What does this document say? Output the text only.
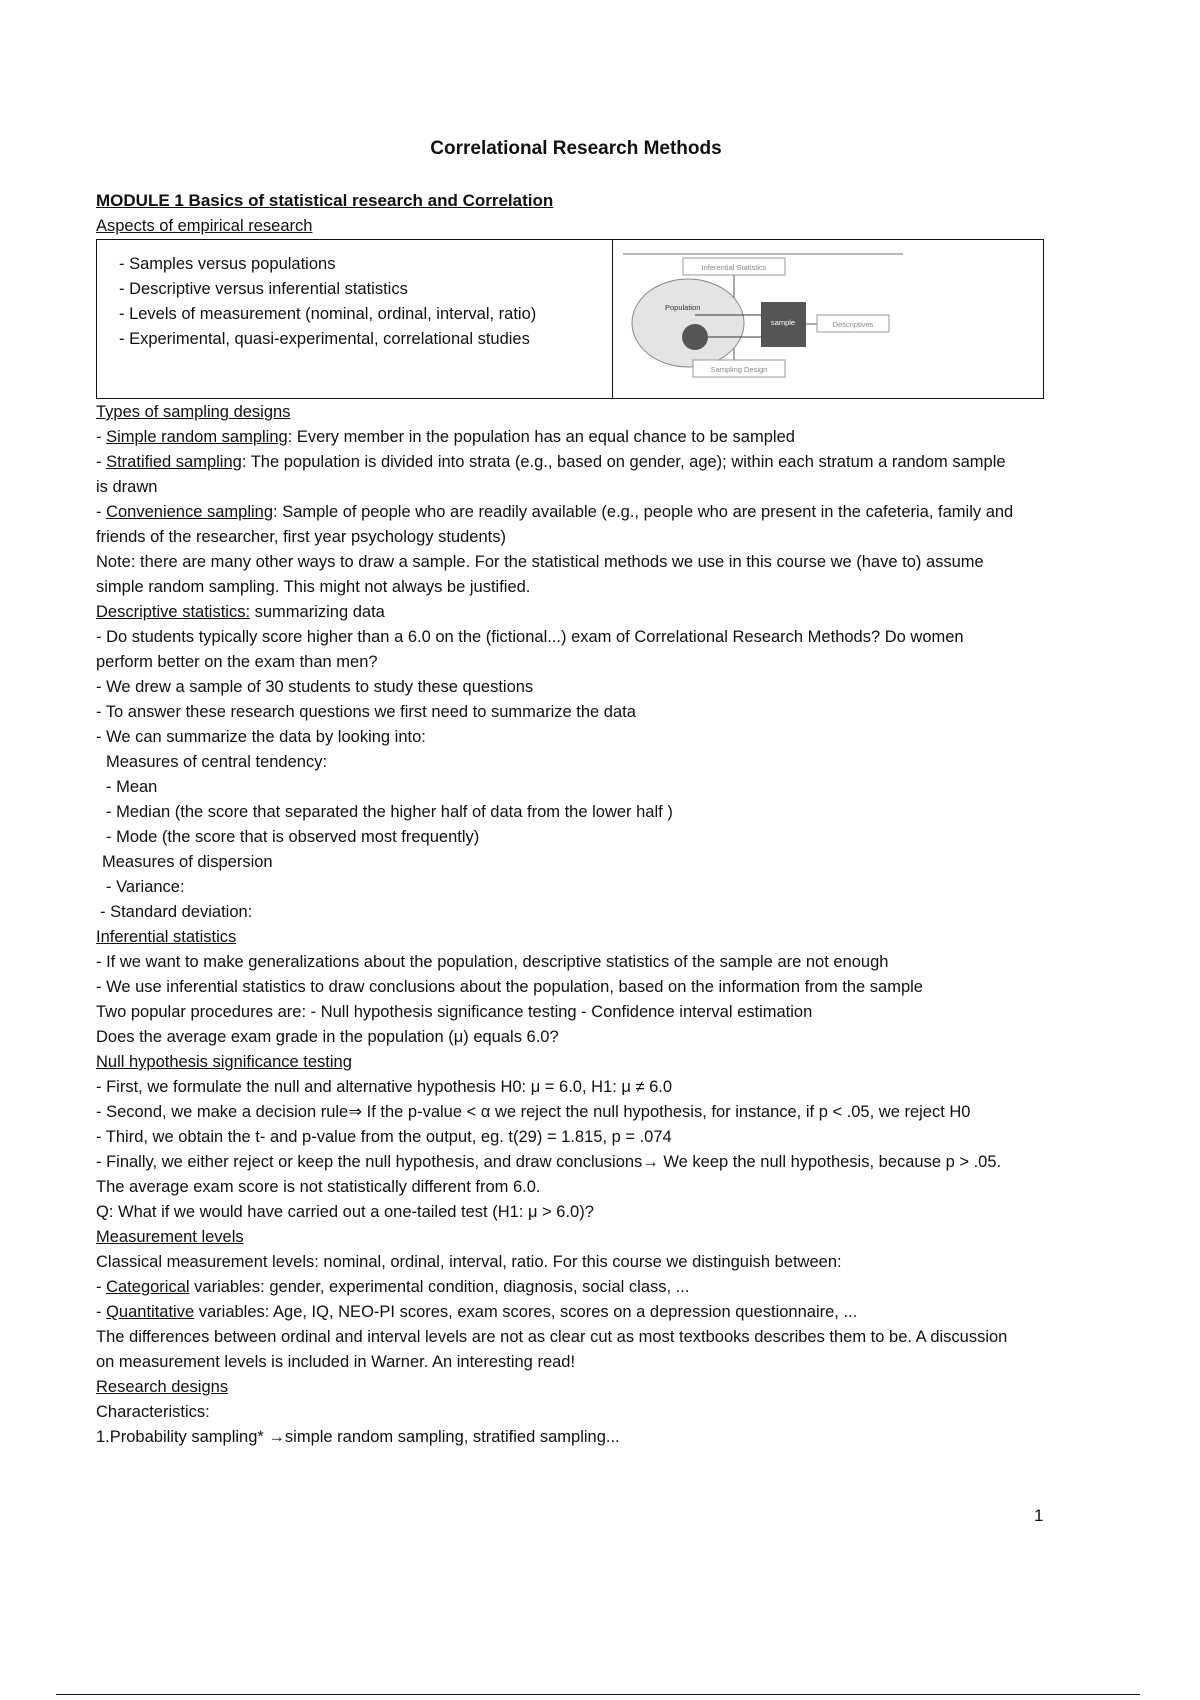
Correlational Research Methods
MODULE 1 Basics of statistical research and Correlation
Aspects of empirical research
- Samples versus populations
- Descriptive versus inferential statistics
- Levels of measurement (nominal, ordinal, interval, ratio)
- Experimental, quasi-experimental, correlational studies
Inferential Statistics
Population
sample	Descriptives
Sampling Design
Types of sampling designs
- Simple random sampling: Every member in the population has an equal chance to be sampled
- Stratified sampling: The population is divided into strata (e.g., based on gender, age); within each stratum a random sample
is drawn
- Convenience sampling: Sample of people who are readily available (e.g., people who are present in the cafeteria, family and
friends of the researcher, first year psychology students)
Note: there are many other ways to draw a sample. For the statistical methods we use in this course we (have to) assume
simple random sampling. This might not always be justified.
Descriptive statistics: summarizing data
- Do students typically score higher than a 6.0 on the (fictional...) exam of Correlational Research Methods? Do women
perform better on the exam than men?
- We drew a sample of 30 students to study these questions
- To answer these research questions we first need to summarize the data
- We can summarize the data by looking into:
Measures of central tendency:
- Mean
- Median (the score that separated the higher half of data from the lower half )
- Mode (the score that is observed most frequently)
Measures of dispersion
- Variance:
- Standard deviation:
Inferential statistics
- If we want to make generalizations about the population, descriptive statistics of the sample are not enough
- We use inferential statistics to draw conclusions about the population, based on the information from the sample
Two popular procedures are: - Null hypothesis significance testing - Confidence interval estimation
Does the average exam grade in the population (μ) equals 6.0?
Null hypothesis significance testing
- First, we formulate the null and alternative hypothesis H0: μ = 6.0, H1: μ ≠ 6.0
- Second, we make a decision rule⇒ If the p-value < α we reject the null hypothesis, for instance, if p < .05, we reject H0
- Third, we obtain the t- and p-value from the output, eg. t(29) = 1.815, p = .074
- Finally, we either reject or keep the null hypothesis, and draw conclusions→ We keep the null hypothesis, because p > .05.
The average exam score is not statistically different from 6.0.
Q: What if we would have carried out a one-tailed test (H1: μ > 6.0)?
Measurement levels
Classical measurement levels: nominal, ordinal, interval, ratio. For this course we distinguish between:
- Categorical variables: gender, experimental condition, diagnosis, social class, ...
- Quantitative variables: Age, IQ, NEO-PI scores, exam scores, scores on a depression questionnaire, ...
The differences between ordinal and interval levels are not as clear cut as most textbooks describes them to be. A discussion
on measurement levels is included in Warner. An interesting read!
Research designs
Characteristics:
1.Probability sampling* →simple random sampling, stratified sampling...
1
